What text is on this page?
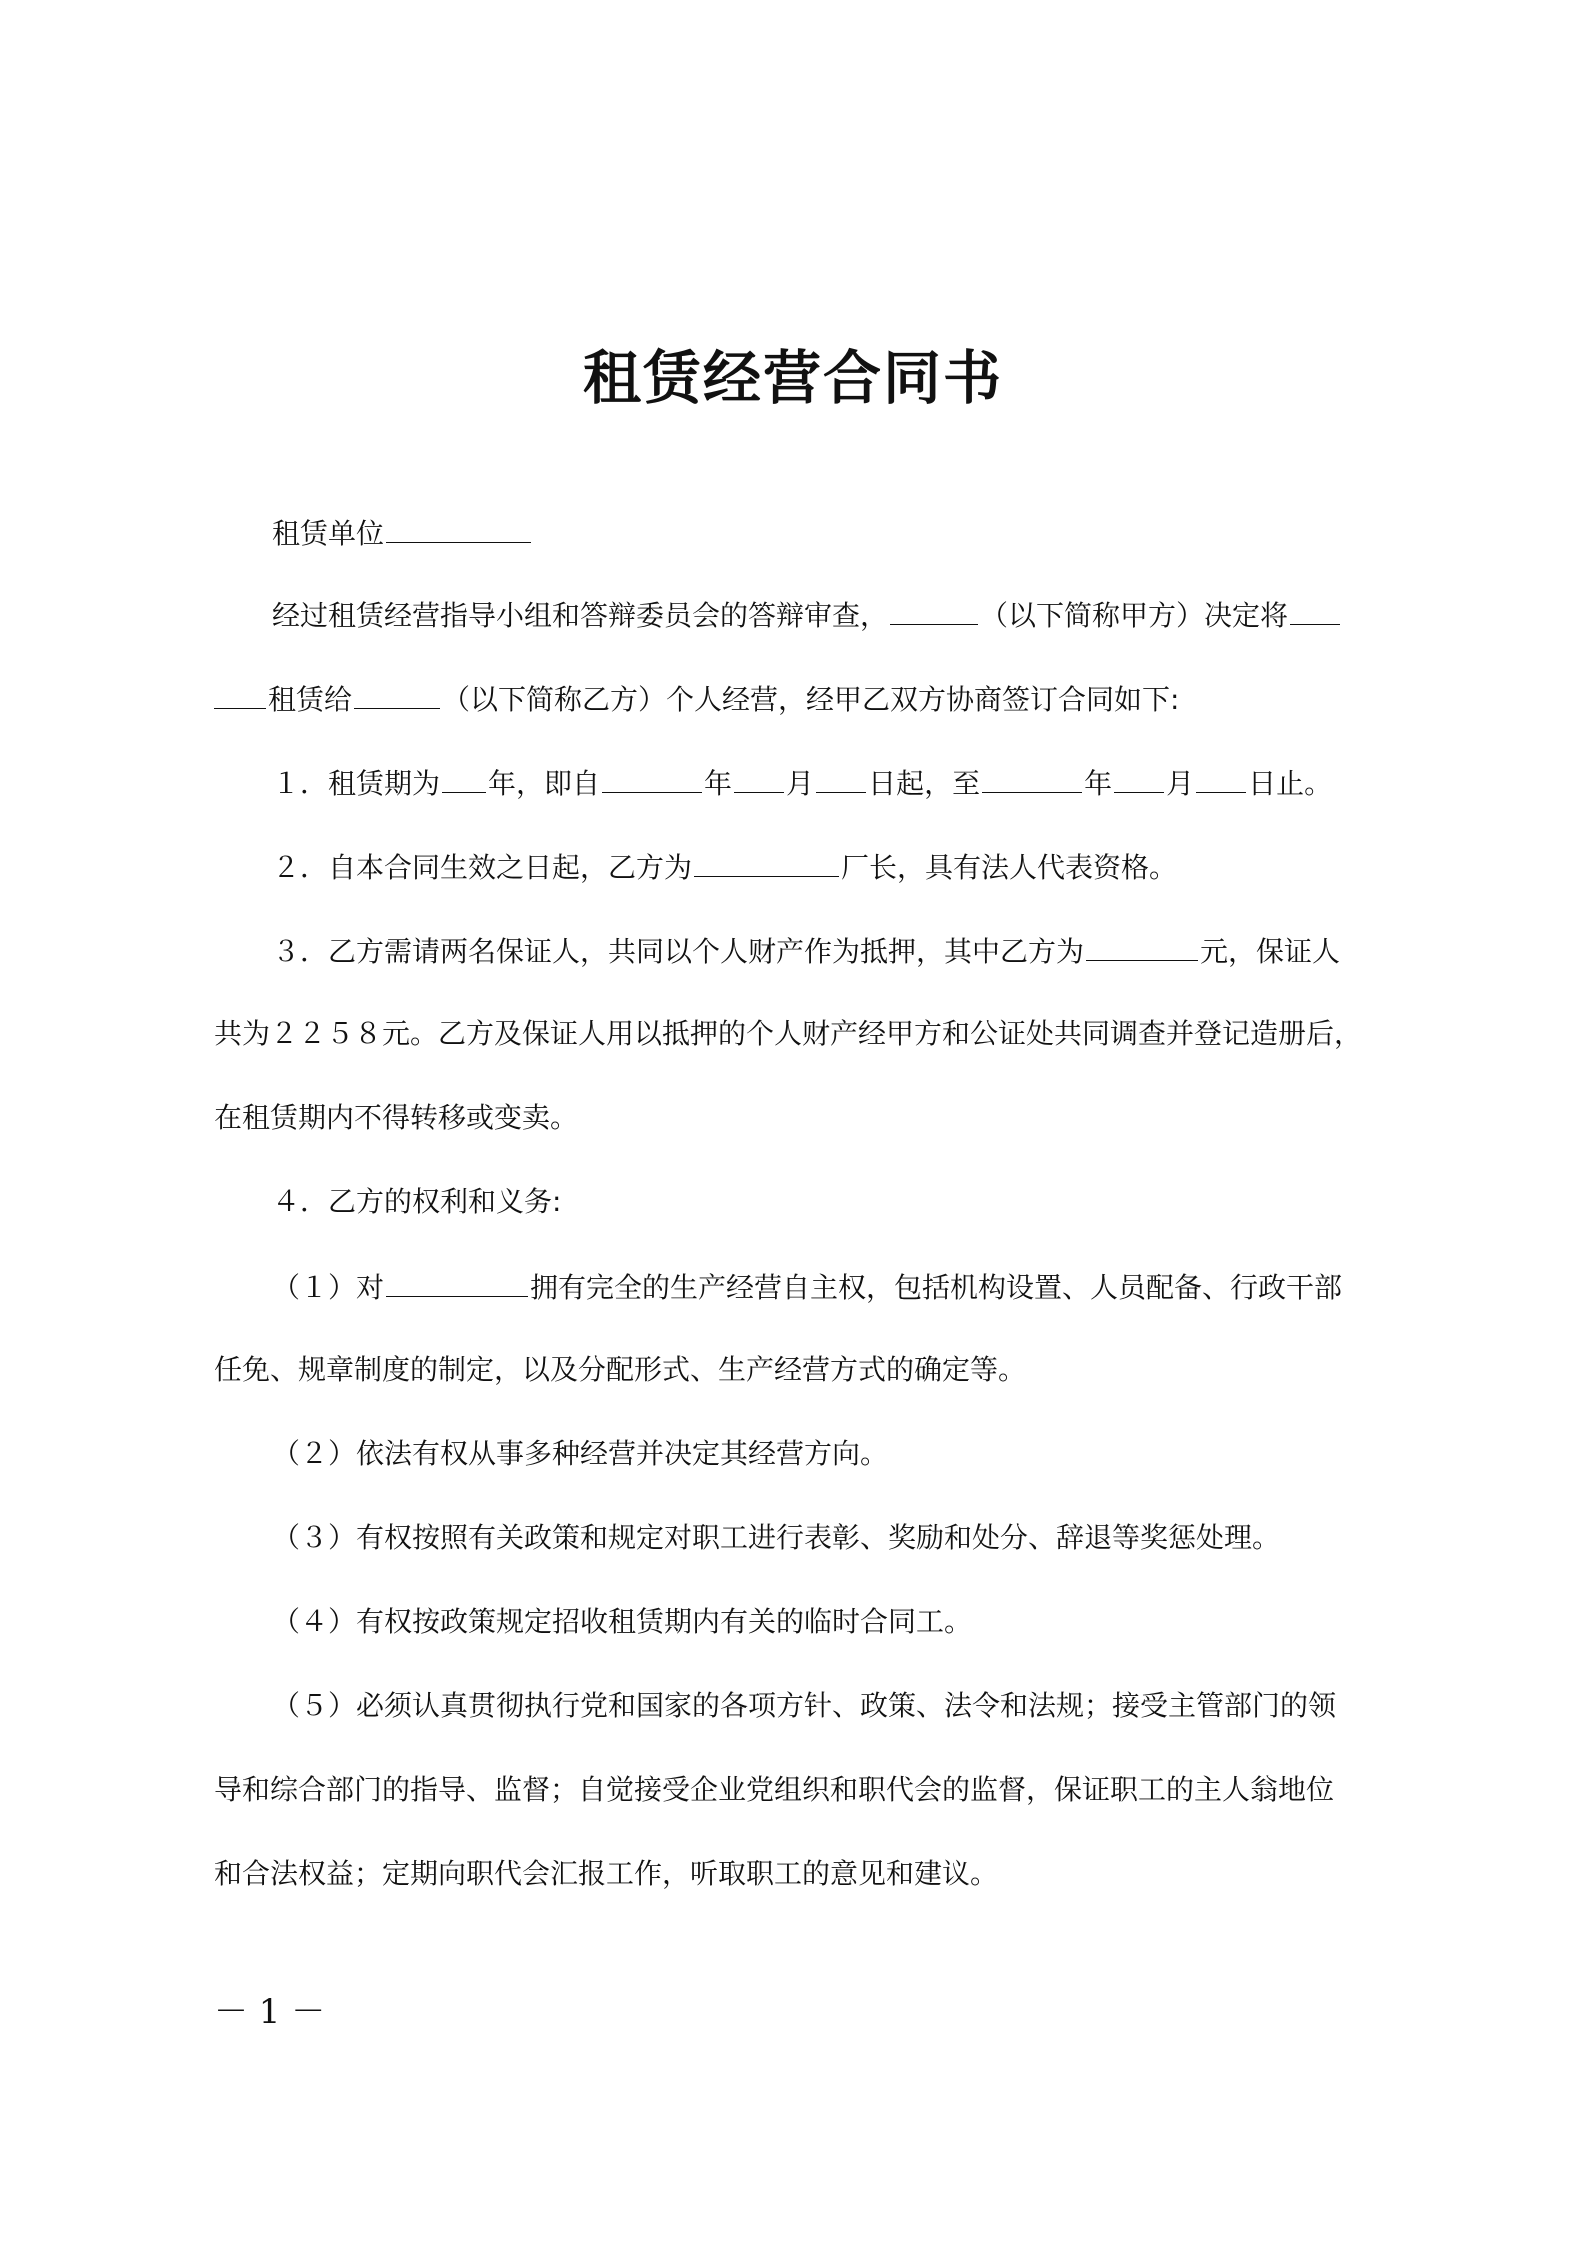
租赁经营合同书
租赁单位
经过租赁经营指导小组和答辩委员会的答辩审查，	（以下简称甲方）决定将
租赁给	（以下简称乙方）个人经营，经甲乙双方协商签订合同如下:
１．租赁期为 年，即自	年 月 日起，至	年 月 日止。
２．自本合同生效之日起，乙方为	厂长，具有法人代表资格。
３．乙方需请两名保证人，共同以个人财产作为抵押，其中乙方为	元，保证人
共为２２５８元。乙方及保证人用以抵押的个人财产经甲方和公证处共同调查并登记造册后，
在租赁期内不得转移或变卖。
４．乙方的权利和义务:
（１）对	拥有完全的生产经营自主权，包括机构设置、人员配备、行政干部
任免、规章制度的制定，以及分配形式、生产经营方式的确定等。
（２）依法有权从事多种经营并决定其经营方向。
（３）有权按照有关政策和规定对职工进行表彰、奖励和处分、辞退等奖惩处理。
（４）有权按政策规定招收租赁期内有关的临时合同工。
（５）必须认真贯彻执行党和国家的各项方针、政策、法令和法规；接受主管部门的领
导和综合部门的指导、监督；自觉接受企业党组织和职代会的监督，保证职工的主人翁地位
和合法权益；定期向职代会汇报工作，听取职工的意见和建议。
－ 1 －
